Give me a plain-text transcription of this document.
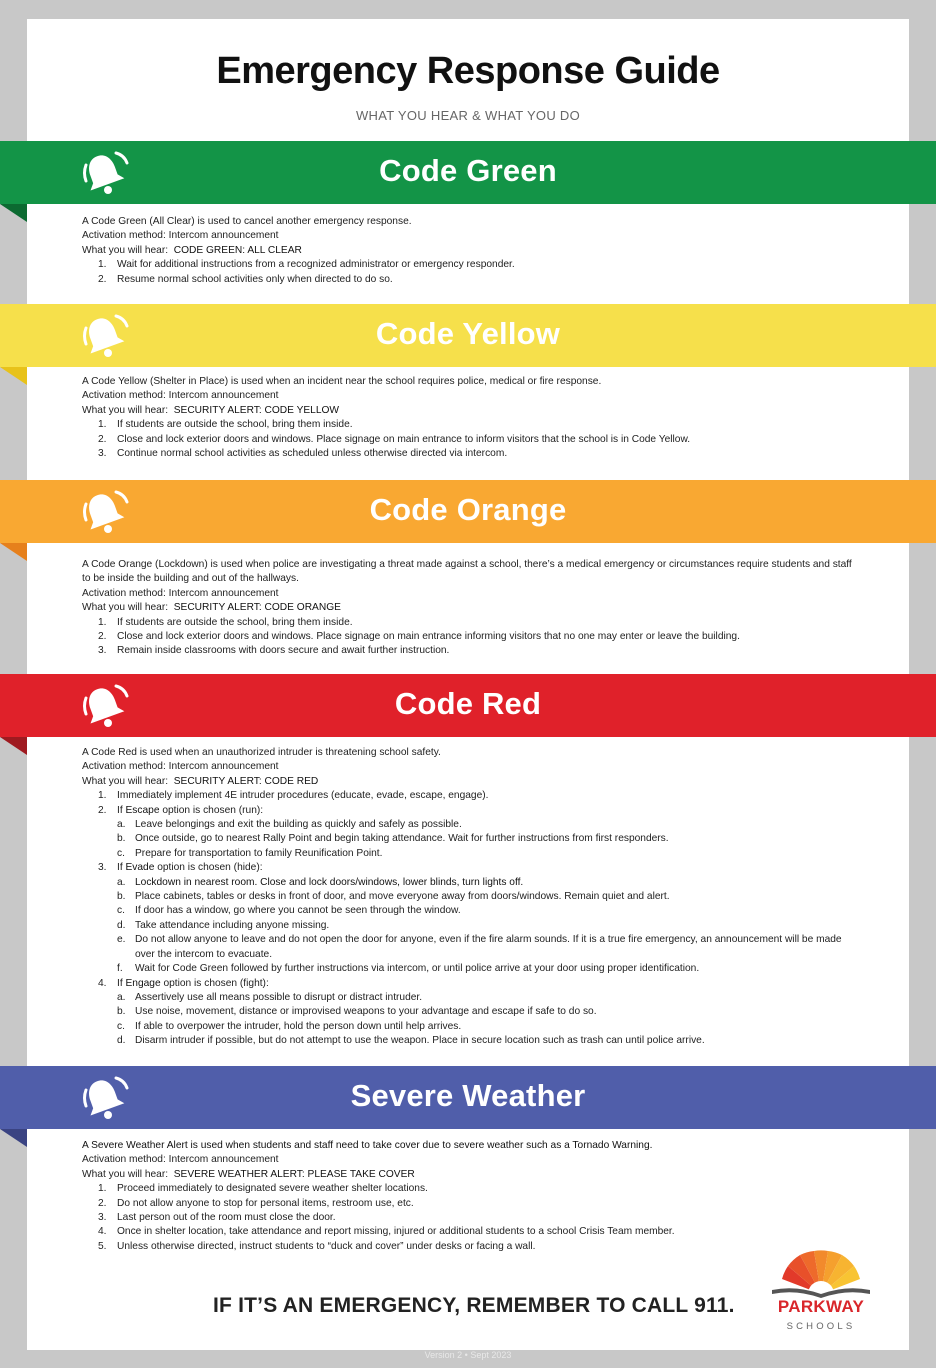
Emergency Response Guide
WHAT YOU HEAR & WHAT YOU DO
Code Green

A Code Green (All Clear) is used to cancel another emergency response.

Activation method: Intercom announcement

What you will hear: CODE GREEN: ALL CLEAR

1.	Wait for additional instructions from a recognized administrator or emergency responder.
2.	Resume normal school activities only when directed to do so.
Code Yellow

A Code Yellow (Shelter in Place) is used when an incident near the school requires police, medical or fire response.

Activation method: Intercom announcement

What you will hear: SECURITY ALERT: CODE YELLOW

1.	If students are outside the school, bring them inside.
2.	Close and lock exterior doors and windows. Place signage on main entrance to inform visitors that the school is in Code Yellow.
3.	Continue normal school activities as scheduled unless otherwise directed via intercom.
Code Orange

A Code Orange (Lockdown) is used when police are investigating a threat made against a school, there’s a medical emergency or circumstances require students and staff to be inside the building and out of the hallways.

Activation method: Intercom announcement

What you will hear: SECURITY ALERT: CODE ORANGE

1.	If students are outside the school, bring them inside.
2.	Close and lock exterior doors and windows. Place signage on main entrance informing visitors that no one may enter or leave the building.
3.	Remain inside classrooms with doors secure and await further instruction.
Code Red

A Code Red is used when an unauthorized intruder is threatening school safety.

Activation method: Intercom announcement

What you will hear: SECURITY ALERT: CODE RED

1.	Immediately implement 4E intruder procedures (educate, evade, escape, engage).
2.	If Escape option is chosen (run):
a. Leave belongings and exit the building as quickly and safely as possible.
b. Once outside, go to nearest Rally Point and begin taking attendance. Wait for further instructions from first responders.
c. Prepare for transportation to family Reunification Point.
3.	If Evade option is chosen (hide):
a. Lockdown in nearest room. Close and lock doors/windows, lower blinds, turn lights off.
b. Place cabinets, tables or desks in front of door, and move everyone away from doors/windows. Remain quiet and alert.
c. If door has a window, go where you cannot be seen through the window.
d. Take attendance including anyone missing.
e. Do not allow anyone to leave and do not open the door for anyone, even if the fire alarm sounds. If it is a true fire emergency, an announcement will be made over the intercom to evacuate.
f.	Wait for Code Green followed by further instructions via intercom, or until police arrive at your door using proper identification.
4.	If Engage option is chosen (fight):
a. Assertively use all means possible to disrupt or distract intruder.
b. Use noise, movement, distance or improvised weapons to your advantage and escape if safe to do so.
c. If able to overpower the intruder, hold the person down until help arrives.
d. Disarm intruder if possible, but do not attempt to use the weapon. Place in secure location such as trash can until police arrive.
Severe Weather

A Severe Weather Alert is used when students and staff need to take cover due to severe weather such as a Tornado Warning.

Activation method: Intercom announcement

What you will hear: SEVERE WEATHER ALERT: PLEASE TAKE COVER

1.	Proceed immediately to designated severe weather shelter locations.
2.	Do not allow anyone to stop for personal items, restroom use, etc.
3.	Last person out of the room must close the door.
4.	Once in shelter location, take attendance and report missing, injured or additional students to a school Crisis Team member.
5.	Unless otherwise directed, instruct students to “duck and cover” under desks or facing a wall.
IF IT’S AN EMERGENCY, REMEMBER TO CALL 911.	PARKWAY
SCHOOLS
Version 2 • Sept 2023
